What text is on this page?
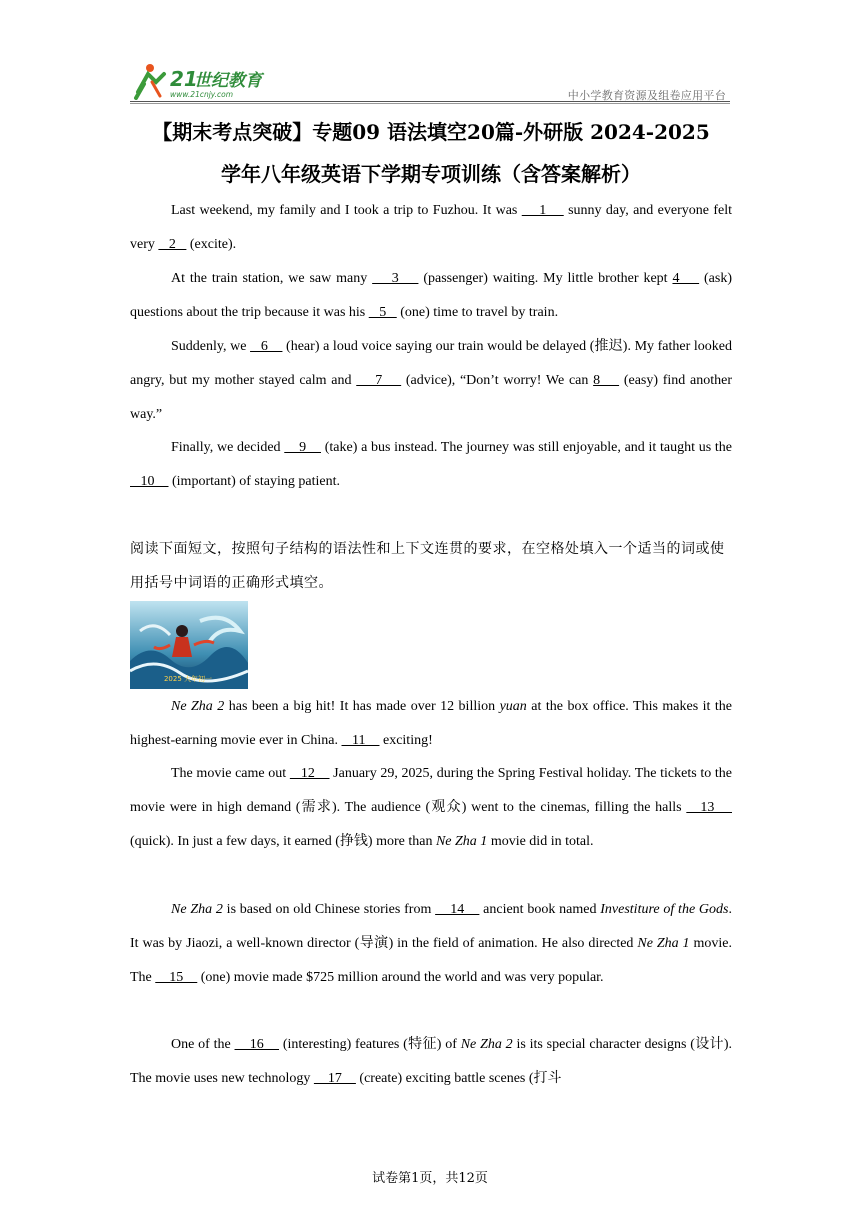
21
世纪教育
www.21cnjy.com	中小学教育资源及组卷应用平台
【期末考点突破】专题09 语法填空20篇-外研版 2024-2025
学年八年级英语下学期专项训练（含答案解析）
Last weekend, my family and I took a trip to Fuzhou. It was     1     sunny day, and everyone felt very    2    (excite).
At the train station, we saw many     3     (passenger) waiting. My little brother kept 4     (ask) questions about the trip because it was his    5    (one) time to travel by train.
Suddenly, we    6     (hear) a loud voice saying our train would be delayed (推迟). My father looked angry, but my mother stayed calm and     7     (advice), “Don’t worry! We can 8     (easy) find another way.”
Finally, we decided     9     (take) a bus instead. The journey was still enjoyable, and it taught us the    10     (important) of staying patient.
阅读下面短文，按照句子结构的语法性和上下文连贯的要求，在空格处填入一个适当的词或使用括号中词语的正确形式填空。
2025 大年初一
Ne Zha 2 has been a big hit! It has made over 12 billion yuan at the box office. This makes it the highest-earning movie ever in China.    11     exciting!
The movie came out    12     January 29, 2025, during the Spring Festival holiday. The tickets to the movie were in high demand (需求). The audience (观众) went to the cinemas, filling the halls    13     (quick). In just a few days, it earned (挣钱) more than Ne Zha 1 movie did in total.
Ne Zha 2 is based on old Chinese stories from     14     ancient book named Investiture of the Gods. It was by Jiaozi, a well-known director (导演) in the field of animation. He also directed Ne Zha 1 movie. The     15     (one) movie made $725 million around the world and was very popular.
One of the     16     (interesting) features (特征) of Ne Zha 2 is its special character designs (设计). The movie uses new technology     17     (create) exciting battle scenes (打斗
试卷第1页，共12页
